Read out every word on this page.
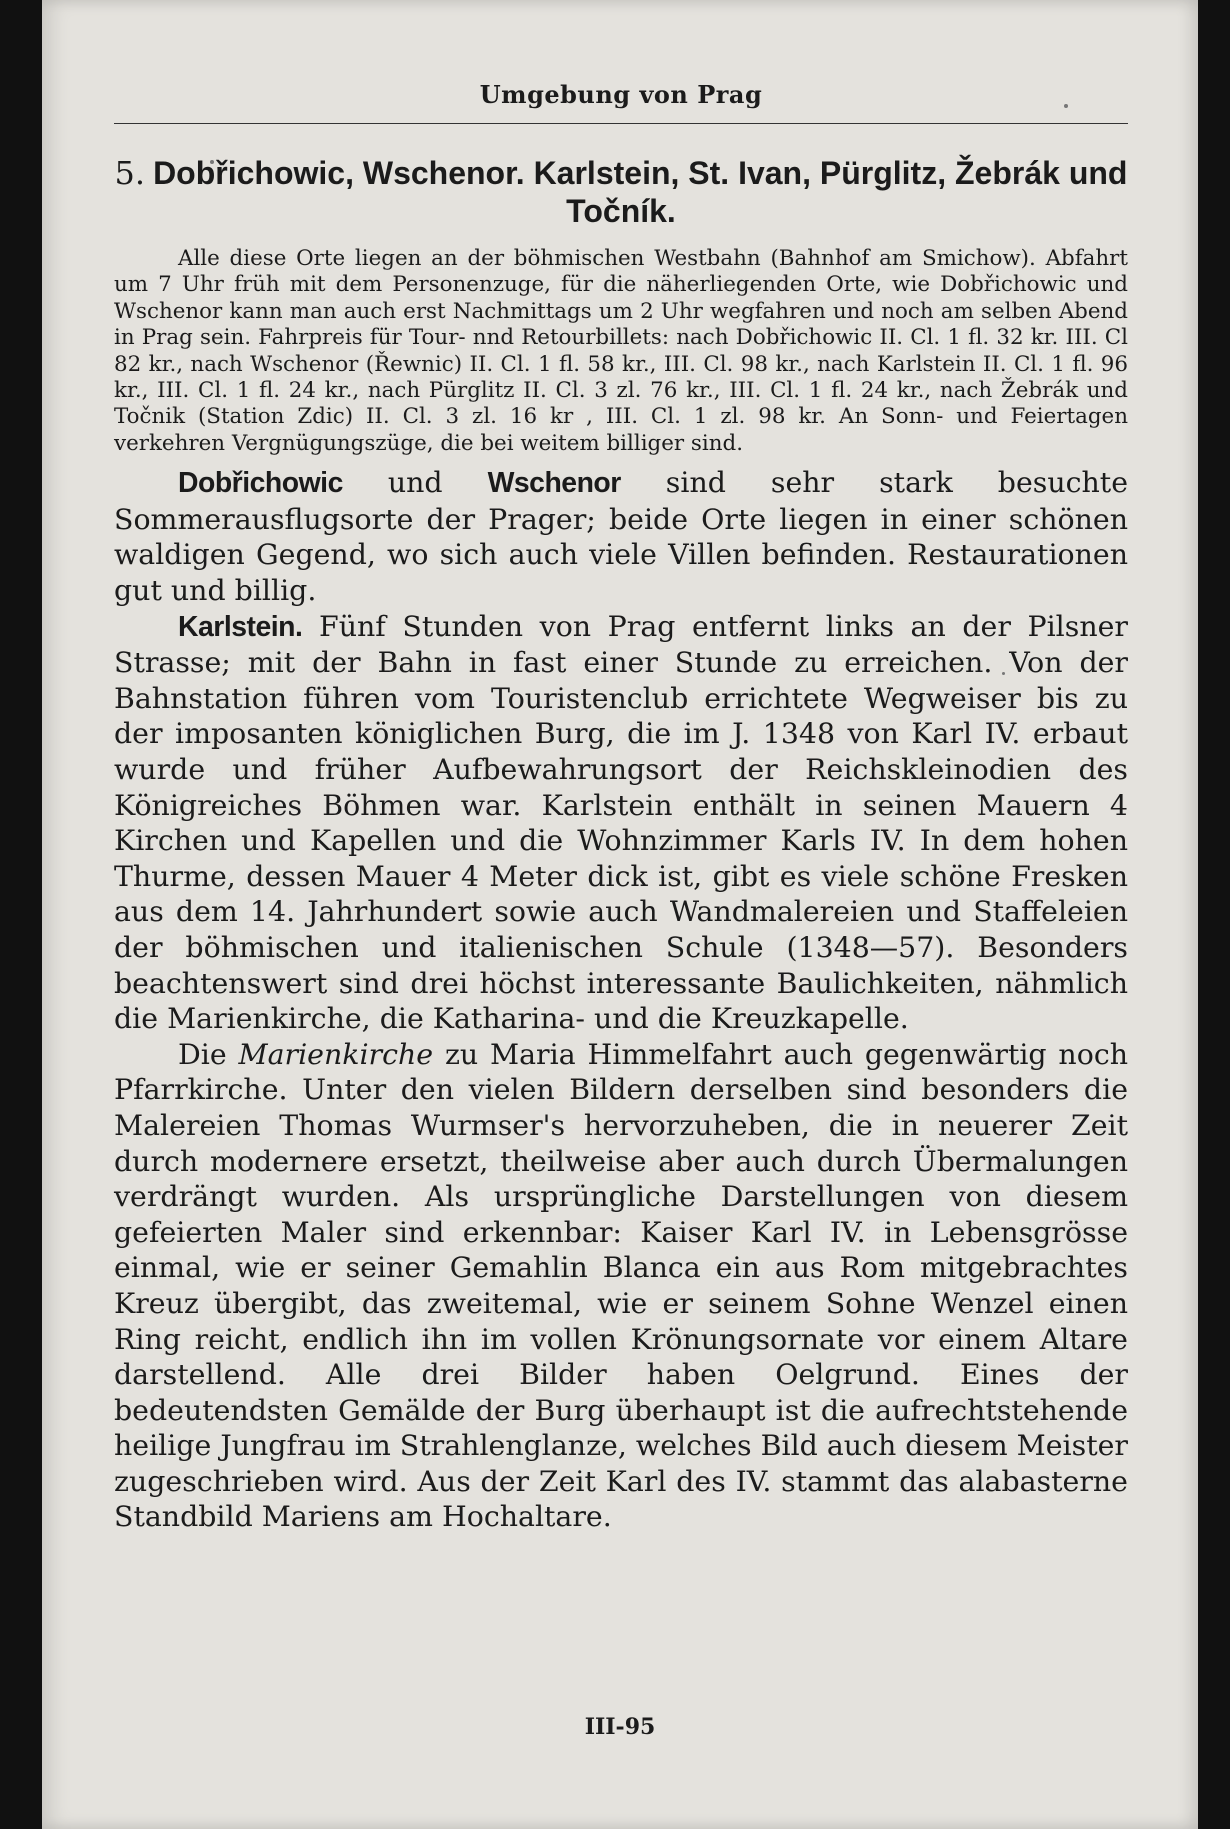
Umgebung von Prag
5. Dobřichowic, Wschenor. Karlstein, St. Ivan, Pürglitz, Žebrák und Točník.

Alle diese Orte liegen an der böhmischen Westbahn (Bahnhof am Smichow). Abfahrt um 7 Uhr früh mit dem Personenzuge, für die näherliegenden Orte, wie Dobřichowic und Wschenor kann man auch erst Nachmittags um 2 Uhr wegfahren und noch am selben Abend in Prag sein. Fahrpreis für Tour- nnd Retourbillets: nach Dobřichowic II. Cl. 1 fl. 32 kr. III. Cl 82 kr., nach Wschenor (Řewnic) II. Cl. 1 fl. 58 kr., III. Cl. 98 kr., nach Karlstein II. Cl. 1 fl. 96 kr., III. Cl. 1 fl. 24 kr., nach Pürglitz II. Cl. 3 zl. 76 kr., III. Cl. 1 fl. 24 kr., nach Žebrák und Točnik (Station Zdic) II. Cl. 3 zl. 16 kr , III. Cl. 1 zl. 98 kr. An Sonn- und Feiertagen verkehren Vergnügungszüge, die bei weitem billiger sind.

Dobřichowic und Wschenor sind sehr stark besuchte Sommerausflugsorte der Prager; beide Orte liegen in einer schönen waldigen Gegend, wo sich auch viele Villen befinden. Restaurationen gut und billig.

Karlstein. Fünf Stunden von Prag entfernt links an der Pilsner Strasse; mit der Bahn in fast einer Stunde zu erreichen. Von der Bahnstation führen vom Touristenclub errichtete Wegweiser bis zu der imposanten königlichen Burg, die im J. 1348 von Karl IV. erbaut wurde und früher Aufbewahrungsort der Reichskleinodien des Königreiches Böhmen war. Karlstein enthält in seinen Mauern 4 Kirchen und Kapellen und die Wohnzimmer Karls IV. In dem hohen Thurme, dessen Mauer 4 Meter dick ist, gibt es viele schöne Fresken aus dem 14. Jahrhundert sowie auch Wandmalereien und Staffeleien der böhmischen und italienischen Schule (1348—57). Besonders beachtenswert sind drei höchst interessante Baulichkeiten, nähmlich die Marienkirche, die Katharina- und die Kreuzkapelle.

Die Marienkirche zu Maria Himmelfahrt auch gegenwärtig noch Pfarrkirche. Unter den vielen Bildern derselben sind besonders die Malereien Thomas Wurmser's hervorzuheben, die in neuerer Zeit durch modernere ersetzt, theilweise aber auch durch Übermalungen verdrängt wurden. Als ursprüngliche Darstellungen von diesem gefeierten Maler sind erkennbar: Kaiser Karl IV. in Lebensgrösse einmal, wie er seiner Gemahlin Blanca ein aus Rom mitgebrachtes Kreuz übergibt, das zweitemal, wie er seinem Sohne Wenzel einen Ring reicht, endlich ihn im vollen Krönungsornate vor einem Altare darstellend. Alle drei Bilder haben Oelgrund. Eines der bedeutendsten Gemälde der Burg überhaupt ist die aufrechtstehende heilige Jungfrau im Strahlenglanze, welches Bild auch diesem Meister zugeschrieben wird. Aus der Zeit Karl des IV. stammt das alabasterne Standbild Mariens am Hochaltare.

III-95
